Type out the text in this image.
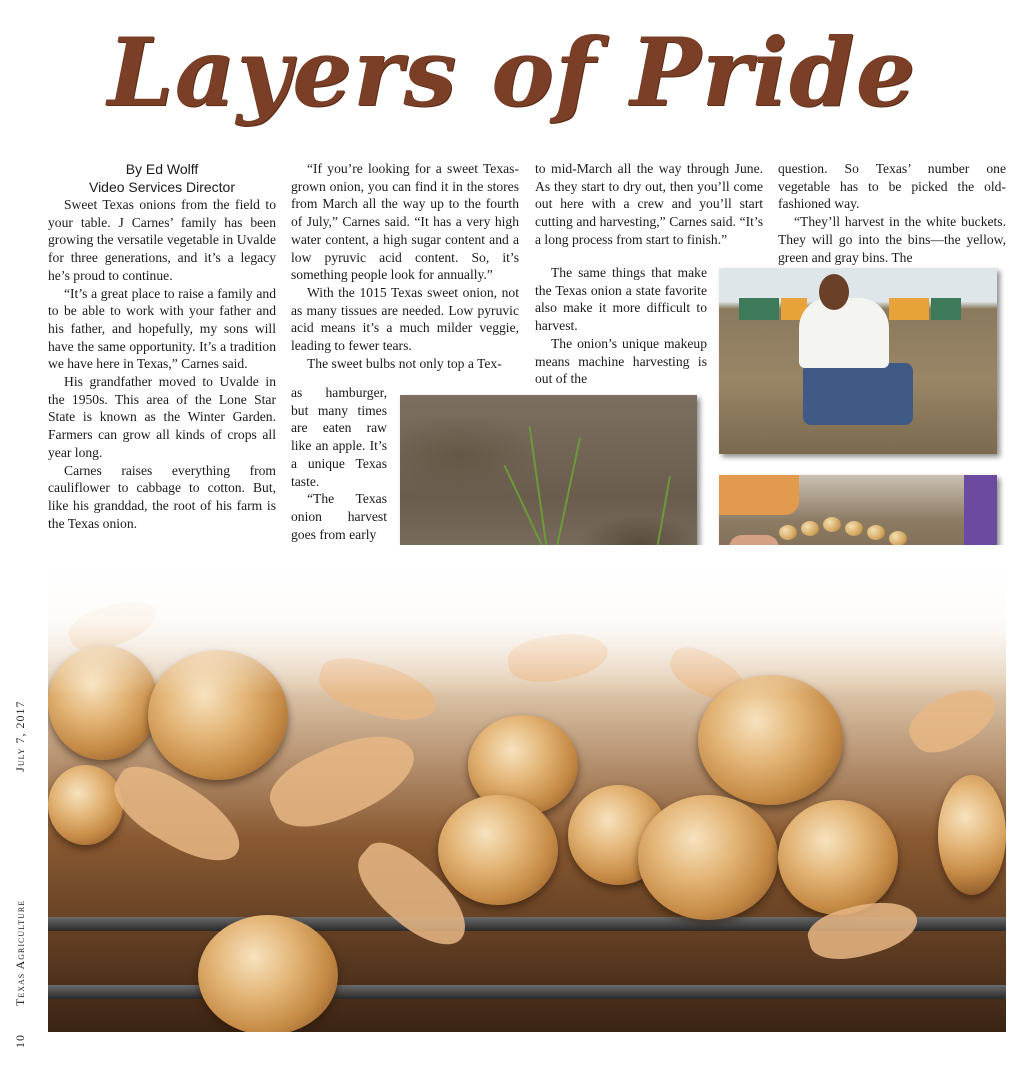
Layers of Pride
By Ed Wolff
Video Services Director

Sweet Texas onions from the field to your table. J Carnes’ family has been growing the versatile vegetable in Uvalde for three generations, and it’s a legacy he’s proud to continue.

“It’s a great place to raise a family and to be able to work with your father and his father, and hopefully, my sons will have the same opportunity. It’s a tradition we have here in Texas,” Carnes said.

His grandfather moved to Uvalde in the 1950s. This area of the Lone Star State is known as the Winter Garden. Farmers can grow all kinds of crops all year long.

Carnes raises everything from cauliflower to cabbage to cotton. But, like his granddad, the root of his farm is the Texas onion.

“If you’re looking for a sweet Texas-grown onion, you can find it in the stores from March all the way up to the fourth of July,” Carnes said. “It has a very high water content, a high sugar content and a low pyruvic acid content. So, it’s something people look for annually.”

With the 1015 Texas sweet onion, not as many tissues are needed. Low pyruvic acid means it’s a much milder veggie, leading to fewer tears.

The sweet bulbs not only top a Tex-

as hamburger, but many times are eaten raw like an apple. It’s a unique Texas taste.

“The Texas onion harvest goes from early

to mid-March all the way through June. As they start to dry out, then you’ll come out here with a crew and you’ll start cutting and harvesting,” Carnes said. “It’s a long process from start to finish.”

The same things that make the Texas onion a state favorite also make it more difficult to harvest.

The onion’s unique makeup means machine harvesting is out of the

question. So Texas’ number one vegetable has to be picked the old-fashioned way.

“They’ll harvest in the white buckets. They will go into the bins—the yellow, green and gray bins. The

10  Texas Agriculture  July 7, 2017
